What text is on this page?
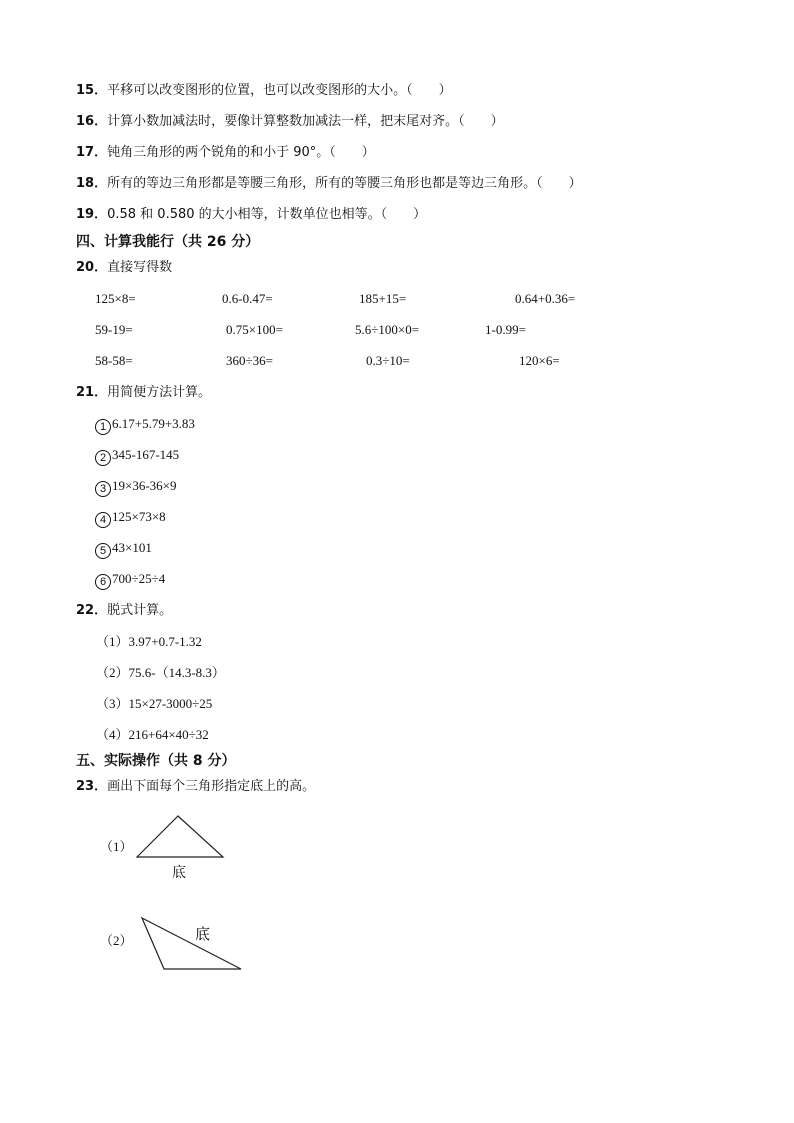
15．平移可以改变图形的位置，也可以改变图形的大小。（　　）
16．计算小数加减法时，要像计算整数加减法一样，把末尾对齐。（　　）
17．钝角三角形的两个锐角的和小于 90°。（　　）
18．所有的等边三角形都是等腰三角形，所有的等腰三角形也都是等边三角形。（　　）
19．0.58 和 0.580 的大小相等，计数单位也相等。（　　）
四、计算我能行（共 26 分）
20．直接写得数
125×8=	0.6-0.47=	185+15=	0.64+0.36=
59-19=	0.75×100=	5.6÷100×0=	1-0.99=
58-58=	360÷36=	0.3÷10=	120×6=
21．用简便方法计算。
1 6.17+5.79+3.83
2 345-167-145
3 19×36-36×9
4 125×73×8
5 43×101
6 700÷25÷4
22．脱式计算。
（1）3.97+0.7-1.32
（2）75.6-（14.3-8.3）
（3）15×27-3000÷25
（4）216+64×40÷32
五、实际操作（共 8 分）
23．画出下面每个三角形指定底上的高。
（1）
底
（2）	底
